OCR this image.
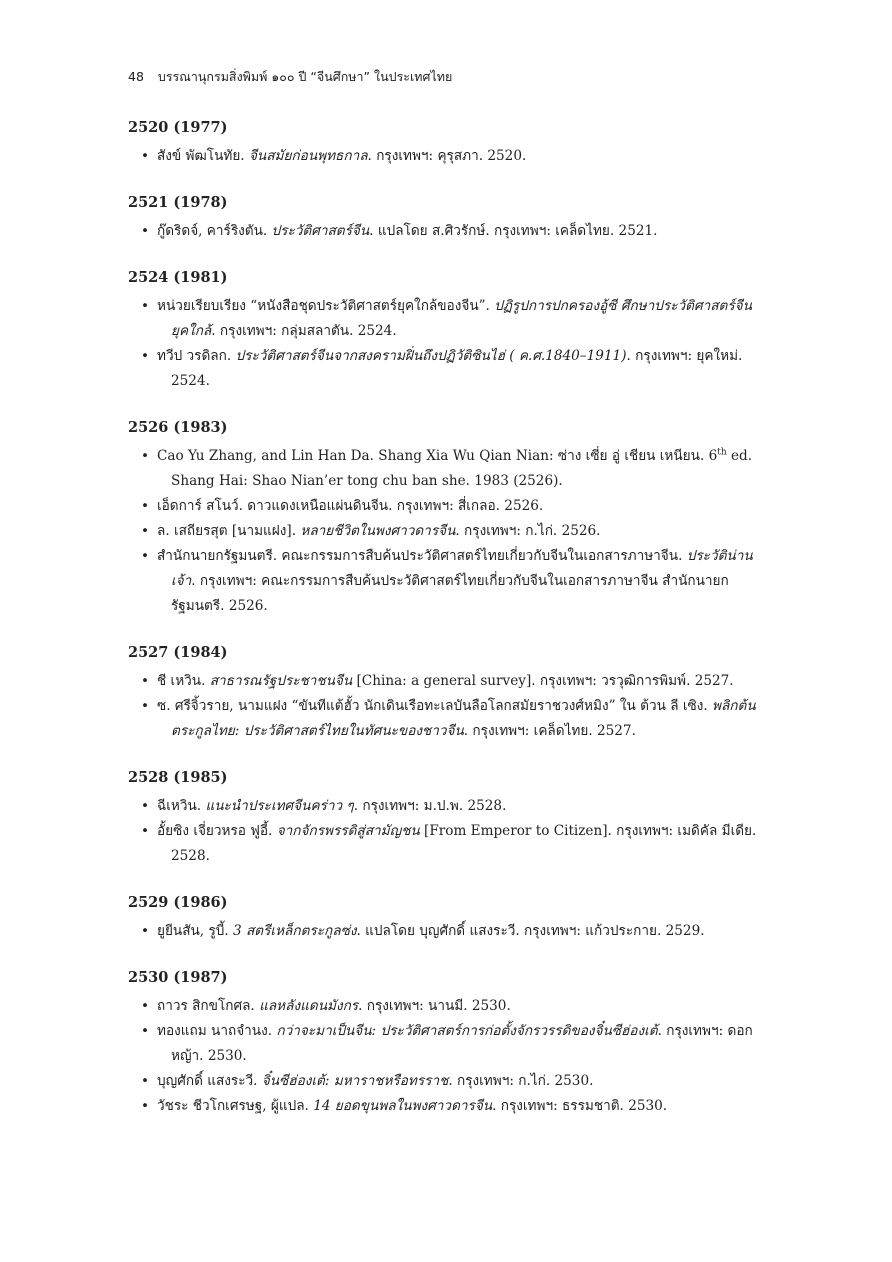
48 บรรณานุกรมสิ่งพิมพ์ ๑๐๐ ปี “จีนศึกษา” ในประเทศไทย
2520 (1977)
• สังข์ พัฒโนทัย. จีนสมัยก่อนพุทธกาล. กรุงเทพฯ: คุรุสภา. 2520.
2521 (1978)
• กู๊ดริดจ์, คาร์ริงตัน. ประวัติศาสตร์จีน. แปลโดย ส.ศิวรักษ์. กรุงเทพฯ: เคล็ดไทย. 2521.
2524 (1981)
• หน่วยเรียบเรียง “หนังสือชุดประวัติศาสตร์ยุคใกล้ของจีน”. ปฏิรูปการปกครองอู้ซี ศึกษาประวัติศาสตร์จีนยุคใกล้. กรุงเทพฯ: กลุ่มสลาตัน. 2524.
• ทวีป วรดิลก. ประวัติศาสตร์จีนจากสงครามฝิ่นถึงปฏิวัติซินไฮ่ ( ค.ศ.1840–1911). กรุงเทพฯ: ยุคใหม่. 2524.
2526 (1983)
• Cao Yu Zhang, and Lin Han Da. Shang Xia Wu Qian Nian: ซ่าง เซี่ย อู่ เชียน เหนียน. 6th ed. Shang Hai: Shao Nian’er tong chu ban she. 1983 (2526).
• เอ็ดการ์ สโนว์. ดาวแดงเหนือแผ่นดินจีน. กรุงเทพฯ: สี่เกลอ. 2526.
• ล. เสถียรสุต [นามแฝง]. หลายชีวิตในพงศาวดารจีน. กรุงเทพฯ: ก.ไก่. 2526.
• สำนักนายกรัฐมนตรี. คณะกรรมการสืบค้นประวัติศาสตร์ไทยเกี่ยวกับจีนในเอกสารภาษาจีน. ประวัติน่านเจ้า. กรุงเทพฯ: คณะกรรมการสืบค้นประวัติศาสตร์ไทยเกี่ยวกับจีนในเอกสารภาษาจีน สำนักนายกรัฐมนตรี. 2526.
2527 (1984)
• ชี เหวิน. สาธารณรัฐประชาชนจีน [China: a general survey]. กรุงเทพฯ: วรวุฒิการพิมพ์. 2527.
• ซ. ศรีจิ้วราย, นามแฝง “ขันทีแต้ฮั้ว นักเดินเรือทะเลบันลือโลกสมัยราชวงศ์หมิง” ใน ต้วน ลี เซิง. พลิกต้นตระกูลไทย: ประวัติศาสตร์ไทยในทัศนะของชาวจีน. กรุงเทพฯ: เคล็ดไทย. 2527.
2528 (1985)
• ฉีเหวิน. แนะนำประเทศจีนคร่าว ๆ. กรุงเทพฯ: ม.ป.พ. 2528.
• อั้ยซิง เจี่ยวหรอ ฟูอี้. จากจักรพรรดิสู่สามัญชน [From Emperor to Citizen]. กรุงเทพฯ: เมดิคัล มีเดีย. 2528.
2529 (1986)
• ยูยีนสัน, รูบี้. 3 สตรีเหล็กตระกูลซ่ง. แปลโดย บุญศักดิ์ แสงระวี. กรุงเทพฯ: แก้วประกาย. 2529.
2530 (1987)
• ถาวร สิกขโกศล. แลหลังแดนมังกร. กรุงเทพฯ: นานมี. 2530.
• ทองแถม นาถจำนง. กว่าจะมาเป็นจีน: ประวัติศาสตร์การก่อตั้งจักรวรรดิของจิ๋นซีฮ่องเต้. กรุงเทพฯ: ดอกหญ้า. 2530.
• บุญศักดิ์ แสงระวี. จิ๋นซีฮ่องเต้: มหาราชหรือทรราช. กรุงเทพฯ: ก.ไก่. 2530.
• วัชระ ชีวโกเศรษฐ, ผู้แปล. 14 ยอดขุนพลในพงศาวดารจีน. กรุงเทพฯ: ธรรมชาติ. 2530.
